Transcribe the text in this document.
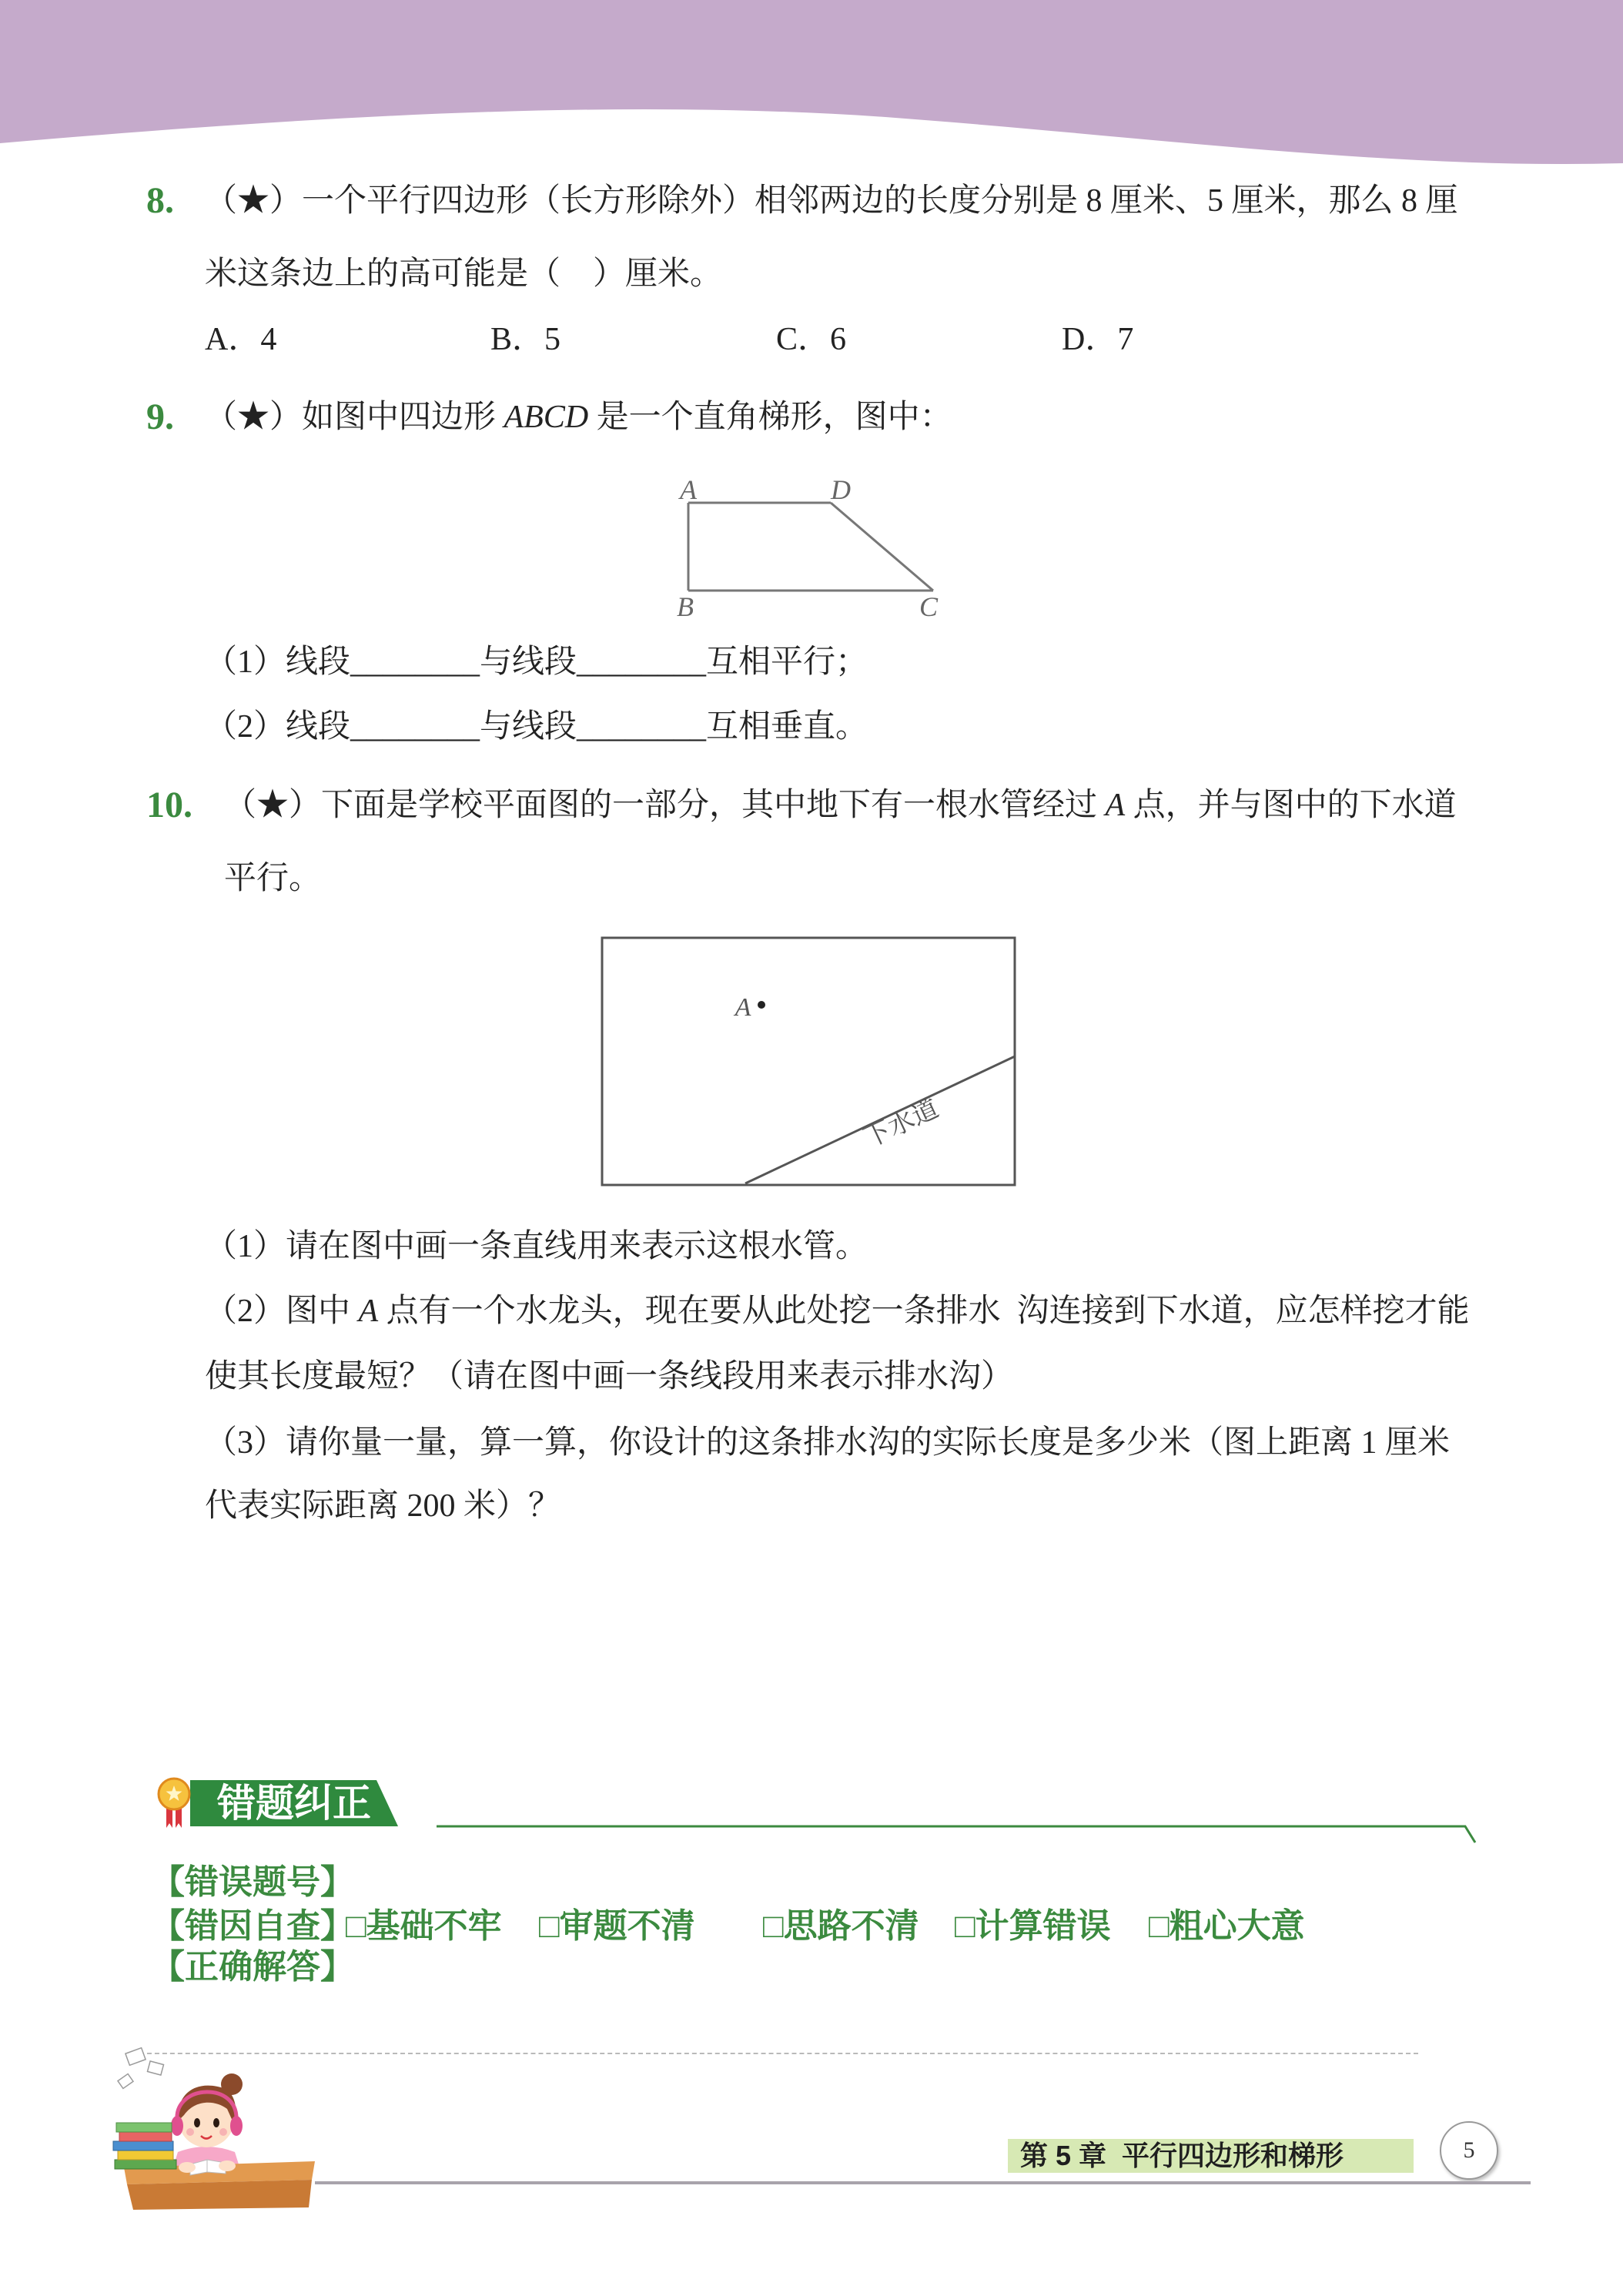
8. （★）一个平行四边形（长方形除外）相邻两边的长度分别是 8 厘米、5 厘米，那么 8 厘
米这条边上的高可能是（    ）厘米。
A．4	B．5	C．6	D．7
9. （★）如图中四边形 ABCD 是一个直角梯形，图中：
A	D
B	C
（1）线段________与线段________互相平行；
（2）线段________与线段________互相垂直。
10. （★）下面是学校平面图的一部分，其中地下有一根水管经过 A 点，并与图中的下水道
平行。
A
下水道
（1）请在图中画一条直线用来表示这根水管。
（2）图中 A 点有一个水龙头，现在要从此处挖一条排水  沟连接到下水道，应怎样挖才能
使其长度最短？（请在图中画一条线段用来表示排水沟）
（3）请你量一量，算一算，你设计的这条排水沟的实际长度是多少米（图上距离 1 厘米
代表实际距离 200 米）？
错题纠正
【错误题号】
【错因自查】
□基础不牢 □审题不清 □思路不清 □计算错误 □粗心大意
【正确解答】
第 5 章  平行四边形和梯形	5
